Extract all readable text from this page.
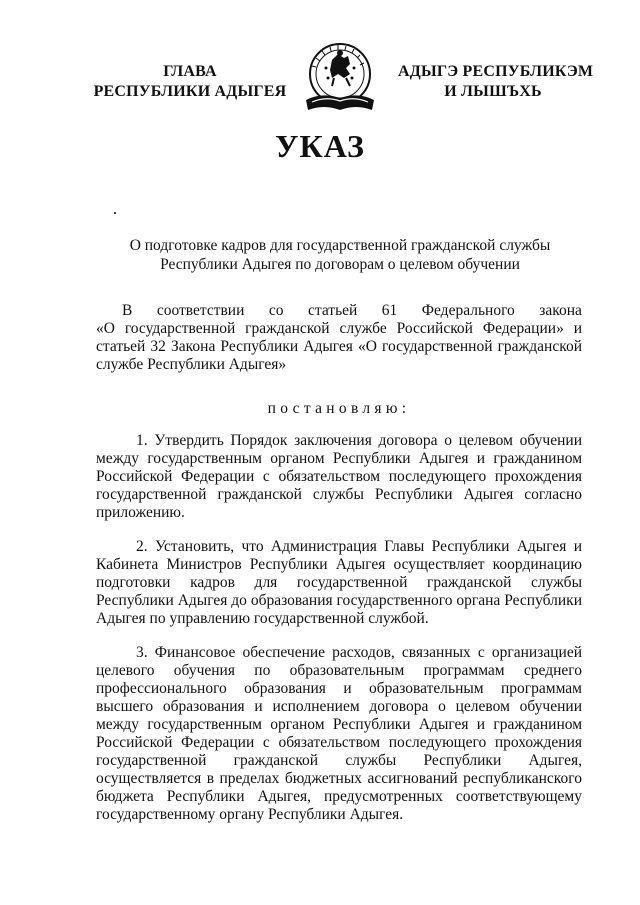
ГЛАВА
РЕСПУБЛИКИ АДЫГЕЯ
АДЫГЭ РЕСПУБЛИКЭМ
И ЛЫШЪХЬ
УКАЗ
О подготовке кадров для государственной гражданской службы
Республики Адыгея по договорам о целевом обучении
В соответствии со статьей 61 Федерального закона
«О государственной гражданской службе Российской Федерации» и статьей 32 Закона Республики Адыгея «О государственной гражданской службе Республики Адыгея»
постановляю:
1. Утвердить Порядок заключения договора о целевом обучении между государственным органом Республики Адыгея и гражданином Российской Федерации с обязательством последующего прохождения государственной гражданской службы Республики Адыгея согласно приложению.
2. Установить, что Администрация Главы Республики Адыгея и Кабинета Министров Республики Адыгея осуществляет координацию подготовки кадров для государственной гражданской службы Республики Адыгея до образования государственного органа Республики Адыгея по управлению государственной службой.
3. Финансовое обеспечение расходов, связанных с организацией целевого обучения по образовательным программам среднего профессионального образования и образовательным программам высшего образования и исполнением договора о целевом обучении между государственным органом Республики Адыгея и гражданином Российской Федерации с обязательством последующего прохождения государственной гражданской службы Республики Адыгея, осуществляется в пределах бюджетных ассигнований республиканского бюджета Республики Адыгея, предусмотренных соответствующему государственному органу Республики Адыгея.
